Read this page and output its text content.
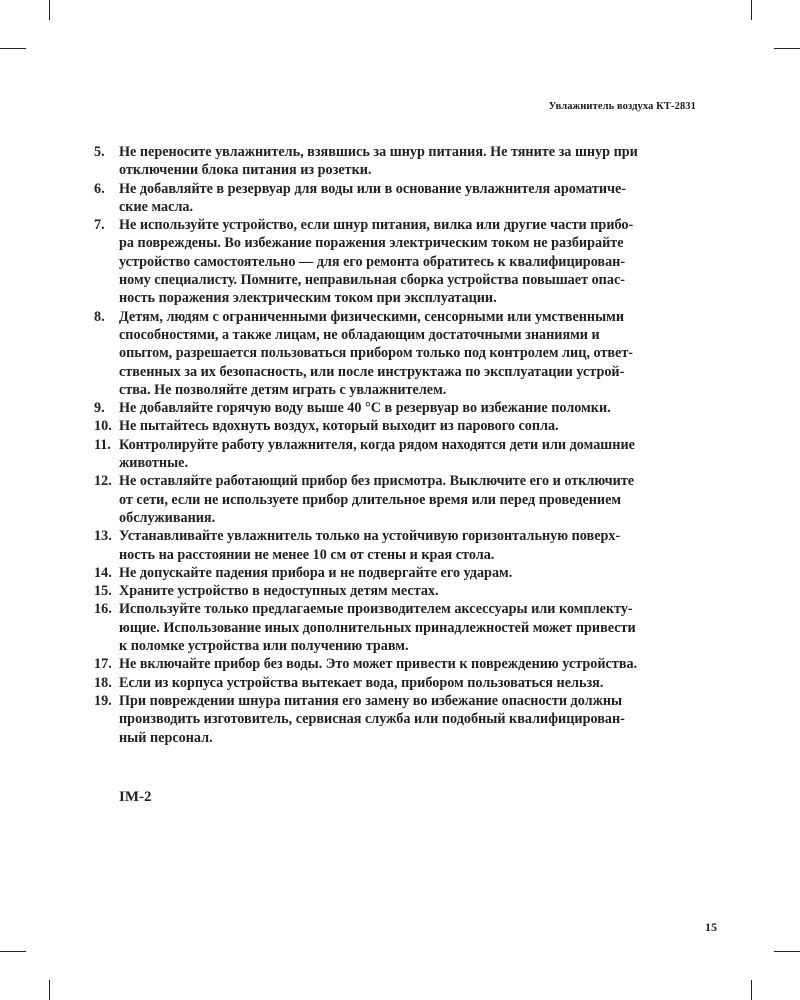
Увлажнитель воздуха КТ-2831
5. Не переносите увлажнитель, взявшись за шнур питания. Не тяните за шнур при
отключении блока питания из розетки.
6. Не добавляйте в резервуар для воды или в основание увлажнителя ароматиче-
ские масла.
7. Не используйте устройство, если шнур питания, вилка или другие части прибо-
ра повреждены. Во избежание поражения электрическим током не разбирайте
устройство самостоятельно — для его ремонта обратитесь к квалифицирован-
ному специалисту. Помните, неправильная сборка устройства повышает опас-
ность поражения электрическим током при эксплуатации.
8. Детям, людям с ограниченными физическими, сенсорными или умственными
способностями, а также лицам, не обладающим достаточными знаниями и
опытом, разрешается пользоваться прибором только под контролем лиц, ответ-
ственных за их безопасность, или после инструктажа по эксплуатации устрой-
ства. Не позволяйте детям играть с увлажнителем.
9. Не добавляйте горячую воду выше 40 °С в резервуар во избежание поломки.
10. Не пытайтесь вдохнуть воздух, который выходит из парового сопла.
11. Контролируйте работу увлажнителя, когда рядом находятся дети или домашние
животные.
12. Не оставляйте работающий прибор без присмотра. Выключите его и отключите
от сети, если не используете прибор длительное время или перед проведением
обслуживания.
13. Устанавливайте увлажнитель только на устойчивую горизонтальную поверх-
ность на расстоянии не менее 10 см от стены и края стола.
14. Не допускайте падения прибора и не подвергайте его ударам.
15. Храните устройство в недоступных детям местах.
16. Используйте только предлагаемые производителем аксессуары или комплекту-
ющие. Использование иных дополнительных принадлежностей может привести
к поломке устройства или получению травм.
17. Не включайте прибор без воды. Это может привести к повреждению устройства.
18. Если из корпуса устройства вытекает вода, прибором пользоваться нельзя.
19. При повреждении шнура питания его замену во избежание опасности должны
производить изготовитель, сервисная служба или подобный квалифицирован-
ный персонал.
IM-2
15
